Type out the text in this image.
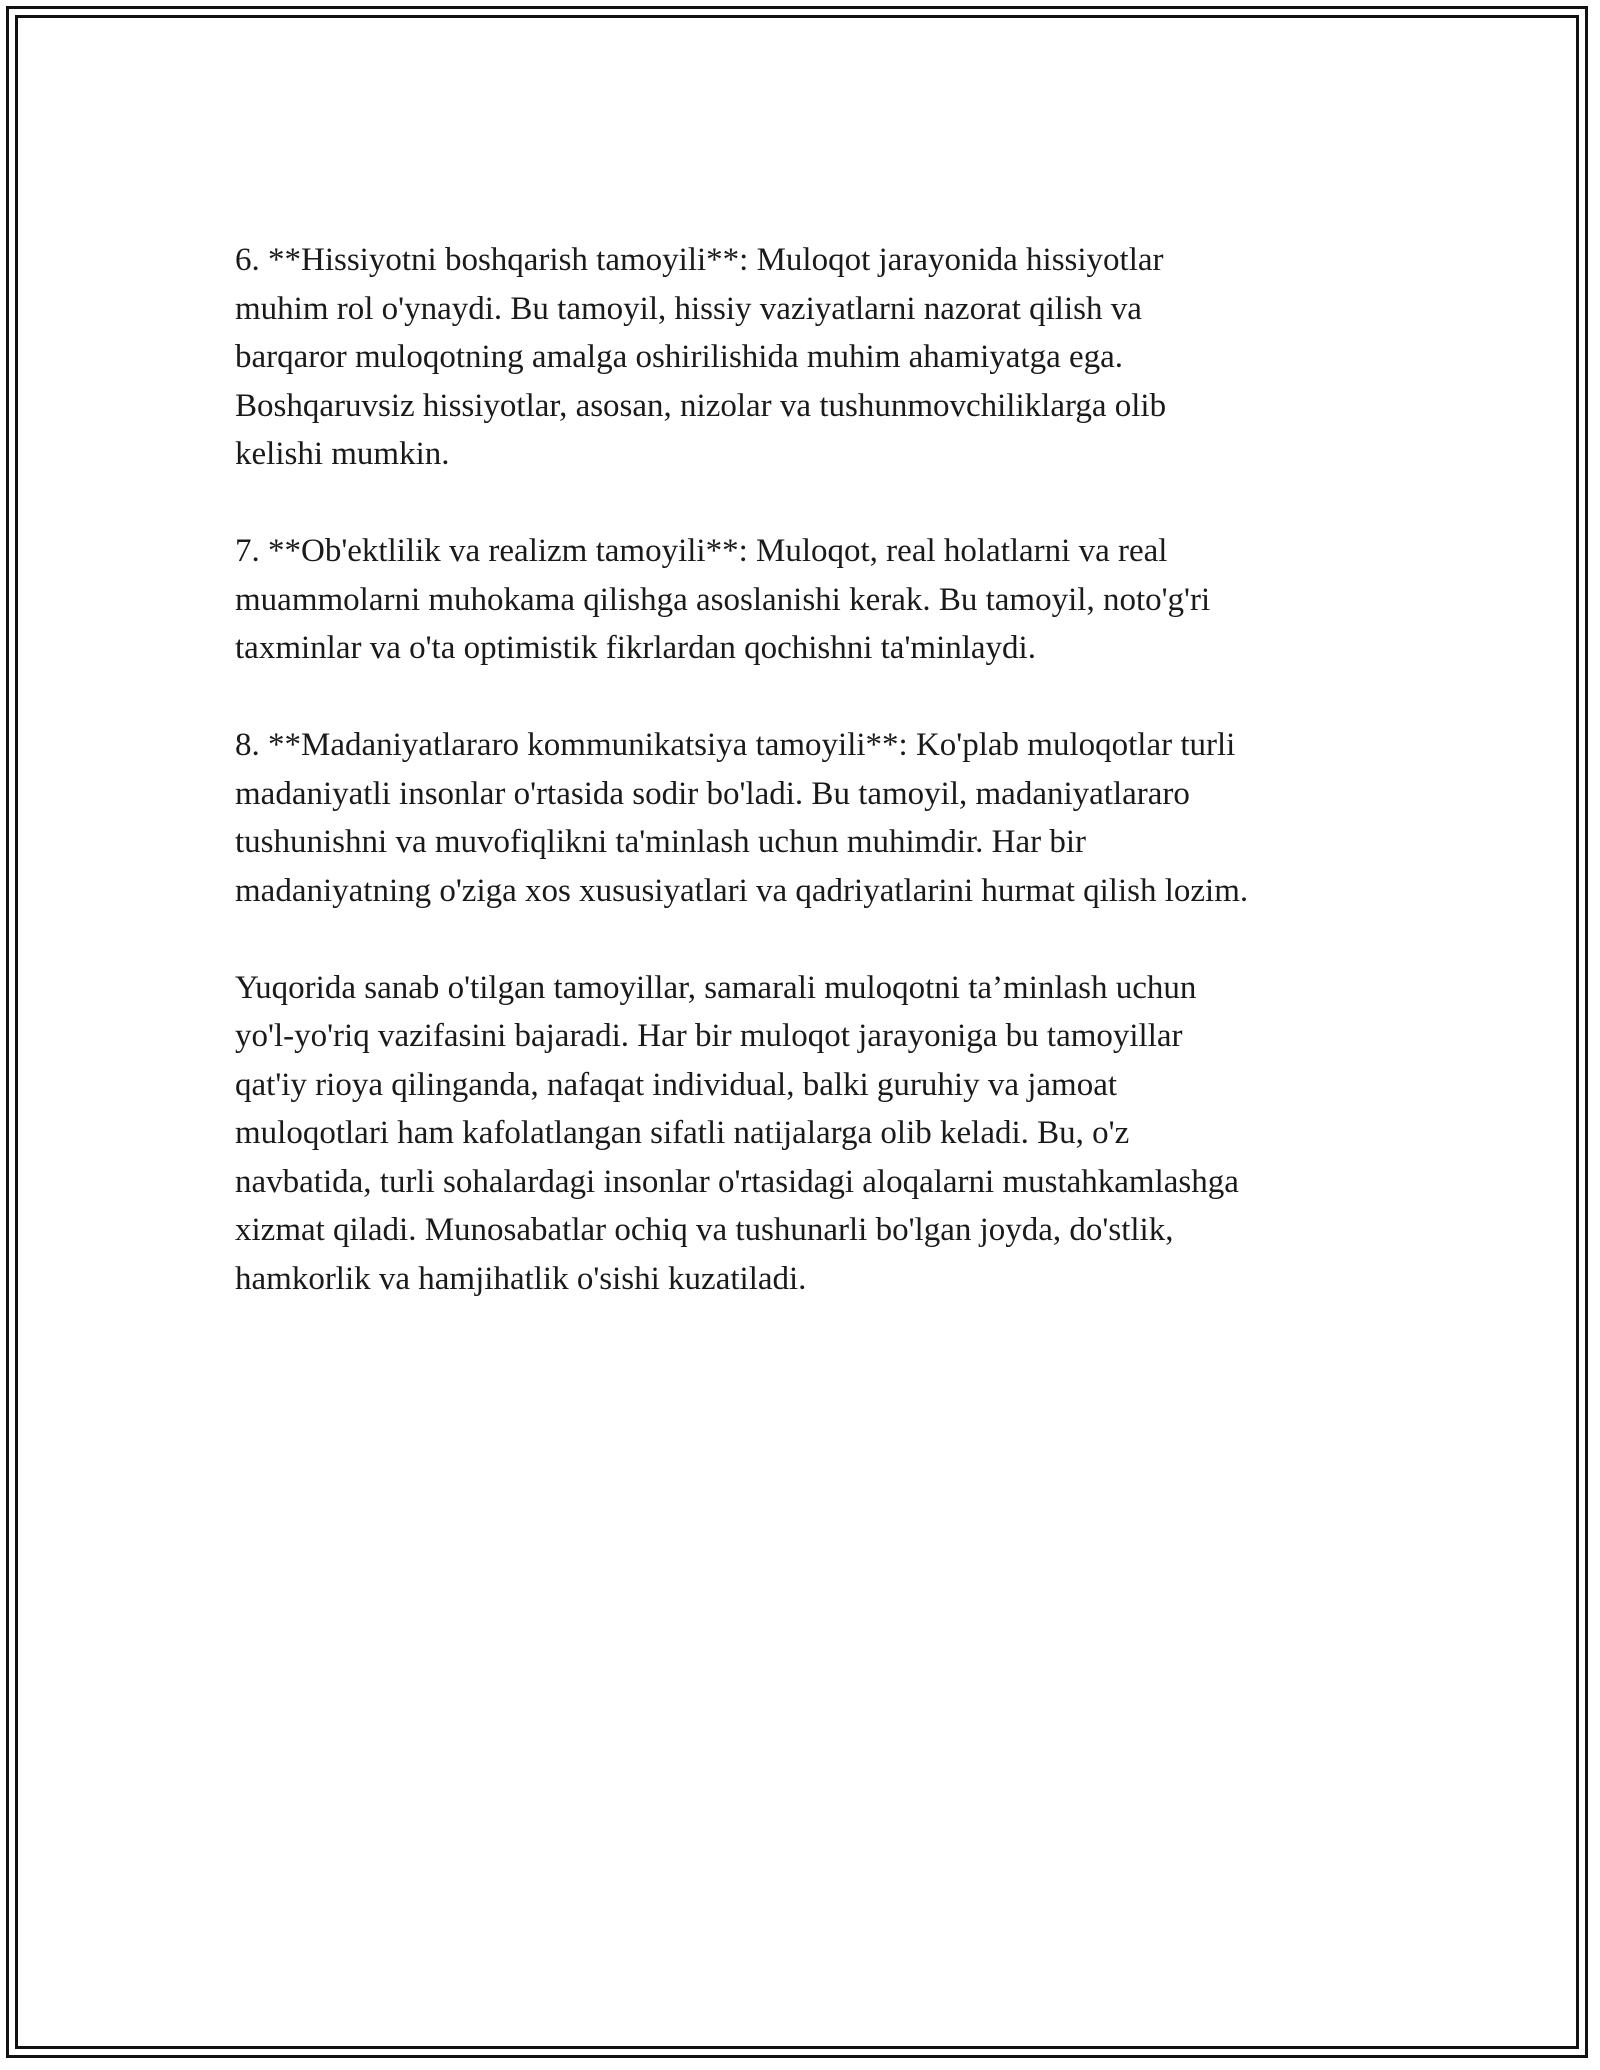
6. **Hissiyotni boshqarish tamoyili**: Muloqot jarayonida hissiyotlar
muhim rol o'ynaydi. Bu tamoyil, hissiy vaziyatlarni nazorat qilish va
barqaror muloqotning amalga oshirilishida muhim ahamiyatga ega.
Boshqaruvsiz hissiyotlar, asosan, nizolar va tushunmovchiliklarga olib
kelishi mumkin.

7. **Ob'ektlilik va realizm tamoyili**: Muloqot, real holatlarni va real
muammolarni muhokama qilishga asoslanishi kerak. Bu tamoyil, noto'g'ri
taxminlar va o'ta optimistik fikrlardan qochishni ta'minlaydi.

8. **Madaniyatlararo kommunikatsiya tamoyili**: Ko'plab muloqotlar turli
madaniyatli insonlar o'rtasida sodir bo'ladi. Bu tamoyil, madaniyatlararo
tushunishni va muvofiqlikni ta'minlash uchun muhimdir. Har bir
madaniyatning o'ziga xos xususiyatlari va qadriyatlarini hurmat qilish lozim.

Yuqorida sanab o'tilgan tamoyillar, samarali muloqotni ta’minlash uchun
yo'l-yo'riq vazifasini bajaradi. Har bir muloqot jarayoniga bu tamoyillar
qat'iy rioya qilinganda, nafaqat individual, balki guruhiy va jamoat
muloqotlari ham kafolatlangan sifatli natijalarga olib keladi. Bu, o'z
navbatida, turli sohalardagi insonlar o'rtasidagi aloqalarni mustahkamlashga
xizmat qiladi. Munosabatlar ochiq va tushunarli bo'lgan joyda, do'stlik,
hamkorlik va hamjihatlik o'sishi kuzatiladi.
